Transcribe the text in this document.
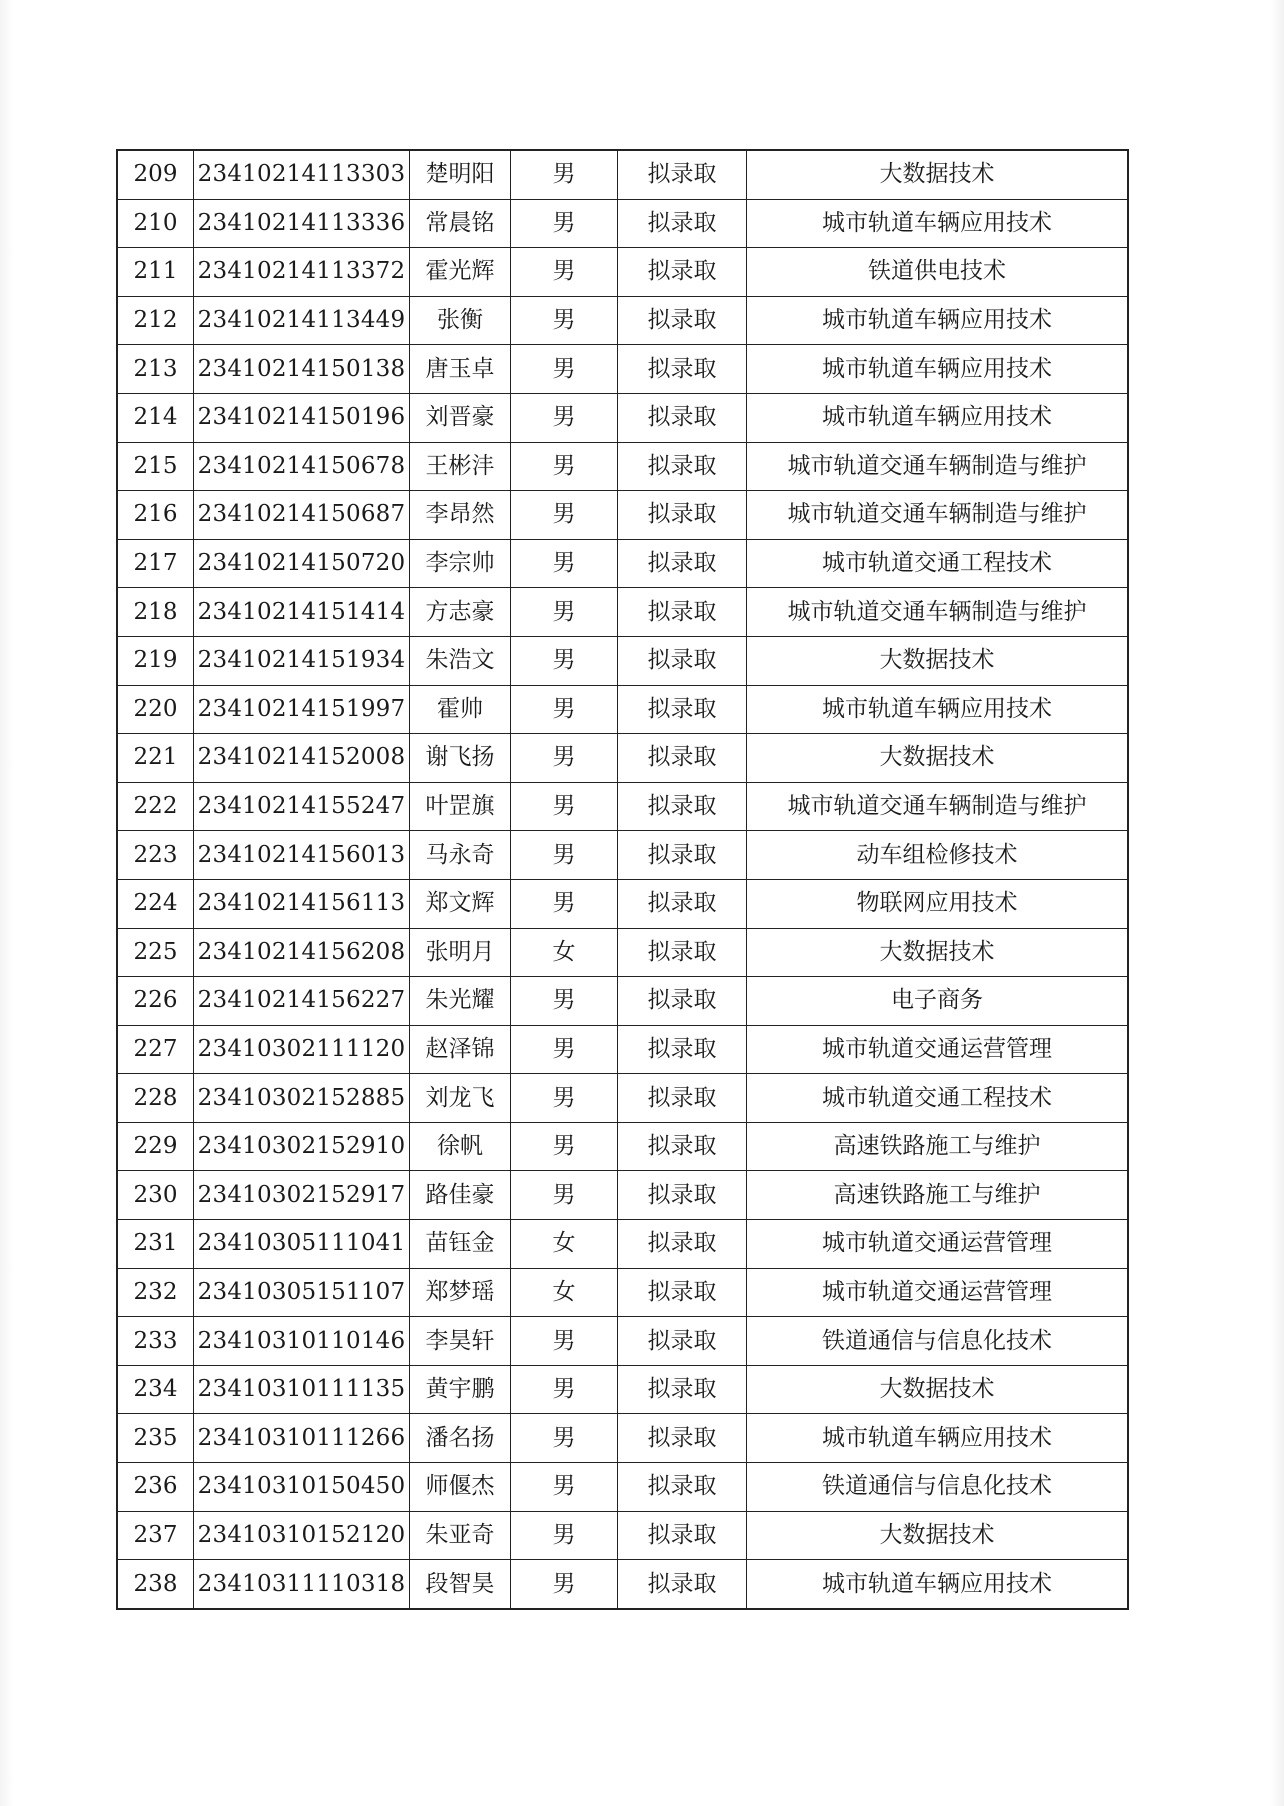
209	23410214113303	楚明阳	男	拟录取	大数据技术
210	23410214113336	常晨铭	男	拟录取	城市轨道车辆应用技术
211	23410214113372	霍光辉	男	拟录取	铁道供电技术
212	23410214113449	张衡	男	拟录取	城市轨道车辆应用技术
213	23410214150138	唐玉卓	男	拟录取	城市轨道车辆应用技术
214	23410214150196	刘晋豪	男	拟录取	城市轨道车辆应用技术
215	23410214150678	王彬沣	男	拟录取	城市轨道交通车辆制造与维护
216	23410214150687	李昂然	男	拟录取	城市轨道交通车辆制造与维护
217	23410214150720	李宗帅	男	拟录取	城市轨道交通工程技术
218	23410214151414	方志豪	男	拟录取	城市轨道交通车辆制造与维护
219	23410214151934	朱浩文	男	拟录取	大数据技术
220	23410214151997	霍帅	男	拟录取	城市轨道车辆应用技术
221	23410214152008	谢飞扬	男	拟录取	大数据技术
222	23410214155247	叶罡旗	男	拟录取	城市轨道交通车辆制造与维护
223	23410214156013	马永奇	男	拟录取	动车组检修技术
224	23410214156113	郑文辉	男	拟录取	物联网应用技术
225	23410214156208	张明月	女	拟录取	大数据技术
226	23410214156227	朱光耀	男	拟录取	电子商务
227	23410302111120	赵泽锦	男	拟录取	城市轨道交通运营管理
228	23410302152885	刘龙飞	男	拟录取	城市轨道交通工程技术
229	23410302152910	徐帆	男	拟录取	高速铁路施工与维护
230	23410302152917	路佳豪	男	拟录取	高速铁路施工与维护
231	23410305111041	苗钰金	女	拟录取	城市轨道交通运营管理
232	23410305151107	郑梦瑶	女	拟录取	城市轨道交通运营管理
233	23410310110146	李昊轩	男	拟录取	铁道通信与信息化技术
234	23410310111135	黄宇鹏	男	拟录取	大数据技术
235	23410310111266	潘名扬	男	拟录取	城市轨道车辆应用技术
236	23410310150450	师偃杰	男	拟录取	铁道通信与信息化技术
237	23410310152120	朱亚奇	男	拟录取	大数据技术
238	23410311110318	段智昊	男	拟录取	城市轨道车辆应用技术
